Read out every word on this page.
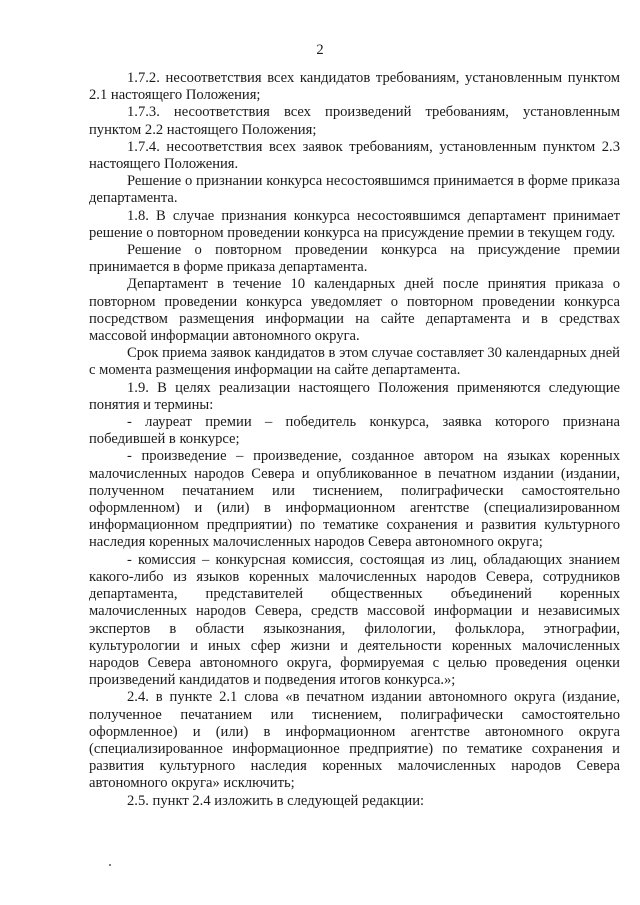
2

1.7.2. несоответствия всех кандидатов требованиям, установленным пунктом 2.1 настоящего Положения;

1.7.3. несоответствия всех произведений требованиям, установленным пунктом 2.2 настоящего Положения;

1.7.4. несоответствия всех заявок требованиям, установленным пунктом 2.3 настоящего Положения.

Решение о признании конкурса несостоявшимся принимается в форме приказа департамента.

1.8. В случае признания конкурса несостоявшимся департамент принимает решение о повторном проведении конкурса на присуждение премии в текущем году.

Решение о повторном проведении конкурса на присуждение премии принимается в форме приказа департамента.

Департамент в течение 10 календарных дней после принятия приказа о повторном проведении конкурса уведомляет о повторном проведении конкурса посредством размещения информации на сайте департамента и в средствах массовой информации автономного округа.

Срок приема заявок кандидатов в этом случае составляет 30 календарных дней с момента размещения информации на сайте департамента.

1.9. В целях реализации настоящего Положения применяются следующие понятия и термины:

- лауреат премии – победитель конкурса, заявка которого признана победившей в конкурсе;

- произведение – произведение, созданное автором на языках коренных малочисленных народов Севера и опубликованное в печатном издании (издании, полученном печатанием или тиснением, полиграфически самостоятельно оформленном) и (или) в информационном агентстве (специализированном информационном предприятии) по тематике сохранения и развития культурного наследия коренных малочисленных народов Севера автономного округа;

- комиссия – конкурсная комиссия, состоящая из лиц, обладающих знанием какого-либо из языков коренных малочисленных народов Севера, сотрудников департамента, представителей общественных объединений коренных малочисленных народов Севера, средств массовой информации и независимых экспертов в области языкознания, филологии, фольклора, этнографии, культурологии и иных сфер жизни и деятельности коренных малочисленных народов Севера автономного округа, формируемая с целью проведения оценки произведений кандидатов и подведения итогов конкурса.»;

2.4. в пункте 2.1 слова «в печатном издании автономного округа (издание, полученное печатанием или тиснением, полиграфически самостоятельно оформленное) и (или) в информационном агентстве автономного округа (специализированное информационное предприятие) по тематике сохранения и развития культурного наследия коренных малочисленных народов Севера автономного округа» исключить;

2.5. пункт 2.4 изложить в следующей редакции:
